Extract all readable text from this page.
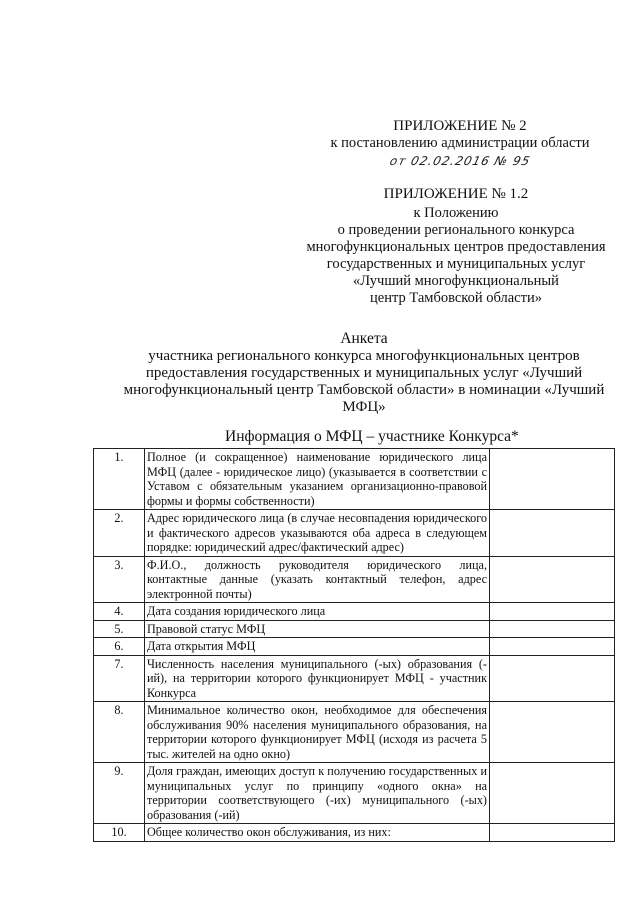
ПРИЛОЖЕНИЕ № 2
к постановлению администрации области
от 02.02.2016 № 95
ПРИЛОЖЕНИЕ № 1.2
к Положению
о проведении регионального конкурса
многофункциональных центров предоставления
государственных и муниципальных услуг
«Лучший многофункциональный
центр Тамбовской области»
Анкета
участника регионального конкурса многофункциональных центров
предоставления государственных и муниципальных услуг «Лучший
многофункциональный центр Тамбовской области» в номинации «Лучший
МФЦ»
Информация о МФЦ – участнике Конкурса*
1.	Полное (и сокращенное) наименование юридического лица МФЦ (далее - юридическое лицо) (указывается в соответствии с Уставом с обязательным указанием организационно-правовой формы и формы собственности)	
2.	Адрес юридического лица (в случае несовпадения юридического и фактического адресов указываются оба адреса в следующем порядке: юридический адрес/фактический адрес)	
3.	Ф.И.О., должность руководителя юридического лица, контактные данные (указать контактный телефон, адрес электронной почты)	
4.	Дата создания юридического лица	
5.	Правовой статус МФЦ	
6.	Дата открытия МФЦ	
7.	Численность населения муниципального (-ых) образования (-ий), на территории которого функционирует МФЦ - участник Конкурса	
8.	Минимальное количество окон, необходимое для обеспечения обслуживания 90% населения муниципального образования, на территории которого функционирует МФЦ (исходя из расчета 5 тыс. жителей на одно окно)	
9.	Доля граждан, имеющих доступ к получению государственных и муниципальных услуг по принципу «одного окна» на территории соответствующего (-их) муниципального (-ых) образования (-ий)	
10.	Общее количество окон обслуживания, из них:	
